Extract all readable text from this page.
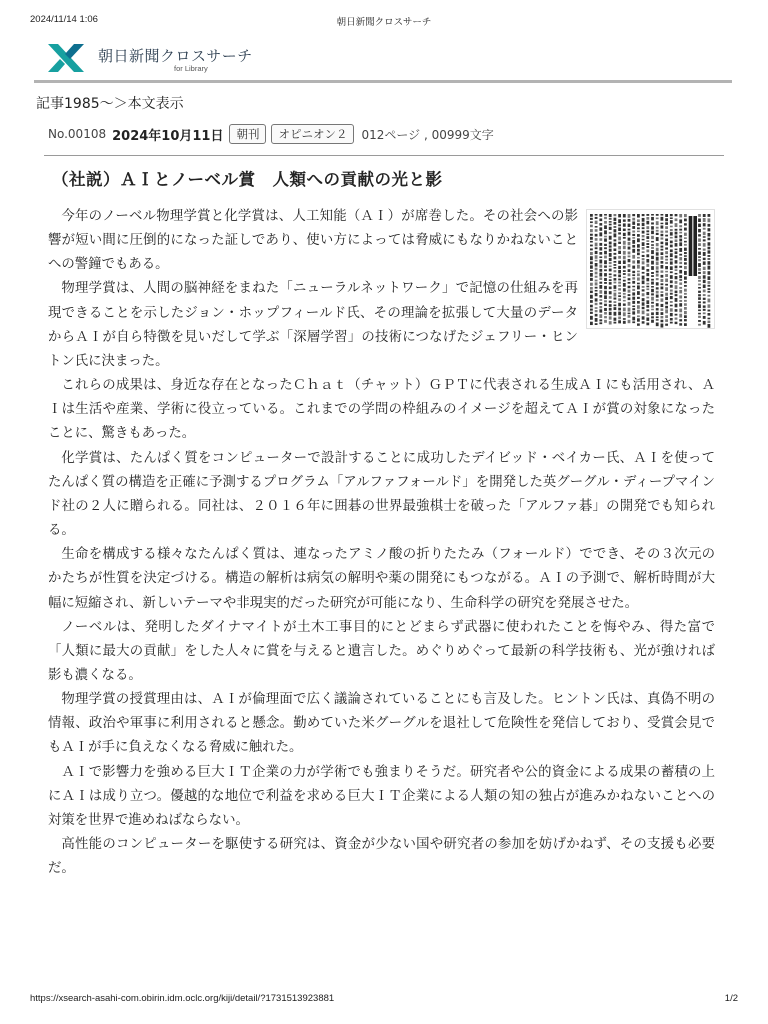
2024/11/14 1:06	朝日新聞クロスサーチ
朝日新聞クロスサーチ
for Library
記事1985～＞本文表示
No.00108 2024年10月11日	朝刊	オピニオン２	012ページ , 00999文字
（社説）ＡＩとノーベル賞　人類への貢献の光と影

今年のノーベル物理学賞と化学賞は、人工知能（ＡＩ）が席巻した。その社会への影響が短い間に圧倒的になった証しであり、使い方によっては脅威にもなりかねないことへの警鐘でもある。

物理学賞は、人間の脳神経をまねた「ニューラルネットワーク」で記憶の仕組みを再現できることを示したジョン・ホップフィールド氏、その理論を拡張して大量のデータからＡＩが自ら特徴を見いだして学ぶ「深層学習」の技術につなげたジェフリー・ヒントン氏に決まった。

これらの成果は、身近な存在となったＣｈａｔ（チャット）ＧＰＴに代表される生成ＡＩにも活用され、ＡＩは生活や産業、学術に役立っている。これまでの学問の枠組みのイメージを超えてＡＩが賞の対象になったことに、驚きもあった。

化学賞は、たんぱく質をコンピューターで設計することに成功したデイビッド・ベイカー氏、ＡＩを使ってたんぱく質の構造を正確に予測するプログラム「アルファフォールド」を開発した英グーグル・ディープマインド社の２人に贈られる。同社は、２０１６年に囲碁の世界最強棋士を破った「アルファ碁」の開発でも知られる。

生命を構成する様々なたんぱく質は、連なったアミノ酸の折りたたみ（フォールド）ででき、その３次元のかたちが性質を決定づける。構造の解析は病気の解明や薬の開発にもつながる。ＡＩの予測で、解析時間が大幅に短縮され、新しいテーマや非現実的だった研究が可能になり、生命科学の研究を発展させた。

ノーベルは、発明したダイナマイトが土木工事目的にとどまらず武器に使われたことを悔やみ、得た富で「人類に最大の貢献」をした人々に賞を与えると遺言した。めぐりめぐって最新の科学技術も、光が強ければ影も濃くなる。

物理学賞の授賞理由は、ＡＩが倫理面で広く議論されていることにも言及した。ヒントン氏は、真偽不明の情報、政治や軍事に利用されると懸念。勤めていた米グーグルを退社して危険性を発信しており、受賞会見でもＡＩが手に負えなくなる脅威に触れた。

ＡＩで影響力を強める巨大ＩＴ企業の力が学術でも強まりそうだ。研究者や公的資金による成果の蓄積の上にＡＩは成り立つ。優越的な地位で利益を求める巨大ＩＴ企業による人類の知の独占が進みかねないことへの対策を世界で進めねばならない。

高性能のコンピューターを駆使する研究は、資金が少ない国や研究者の参加を妨げかねず、その支援も必要だ。

https://xsearch-asahi-com.obirin.idm.oclc.org/kiji/detail/?1731513923881	1/2
